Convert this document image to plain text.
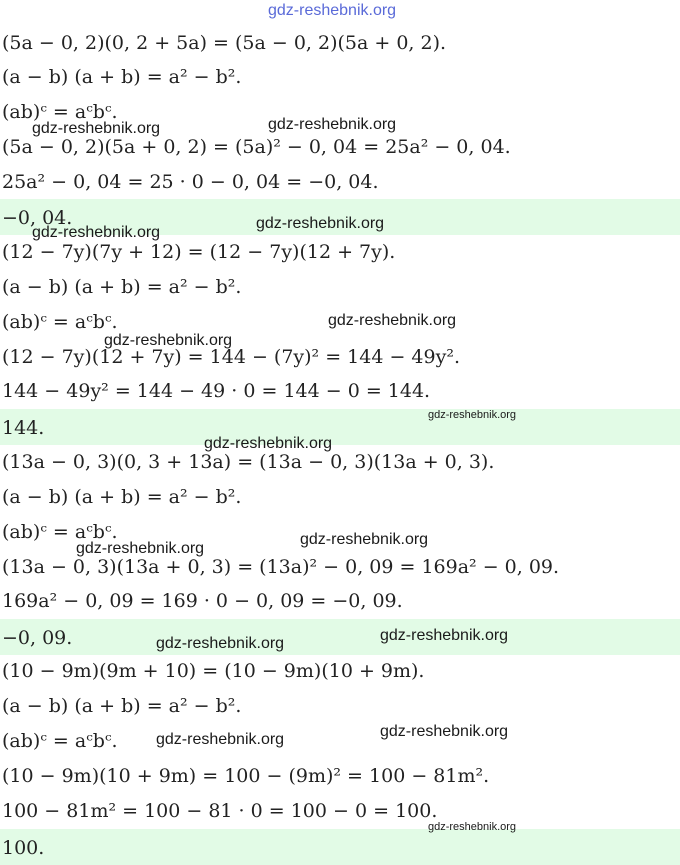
gdz-reshebnik.org
(5a − 0, 2)(0, 2 + 5a) = (5a − 0, 2)(5a + 0, 2).
(a − b) (a + b) = a² − b².
(ab)ᶜ = aᶜbᶜ.
(5a − 0, 2)(5a + 0, 2) = (5a)² − 0, 04 = 25a² − 0, 04.
25a² − 0, 04 = 25 · 0 − 0, 04 = −0, 04.
−0, 04.
(12 − 7y)(7y + 12) = (12 − 7y)(12 + 7y).
(a − b) (a + b) = a² − b².
(ab)ᶜ = aᶜbᶜ.
(12 − 7y)(12 + 7y) = 144 − (7y)² = 144 − 49y².
144 − 49y² = 144 − 49 · 0 = 144 − 0 = 144.
144.
(13a − 0, 3)(0, 3 + 13a) = (13a − 0, 3)(13a + 0, 3).
(a − b) (a + b) = a² − b².
(ab)ᶜ = aᶜbᶜ.
(13a − 0, 3)(13a + 0, 3) = (13a)² − 0, 09 = 169a² − 0, 09.
169a² − 0, 09 = 169 · 0 − 0, 09 = −0, 09.
−0, 09.
(10 − 9m)(9m + 10) = (10 − 9m)(10 + 9m).
(a − b) (a + b) = a² − b².
(ab)ᶜ = aᶜbᶜ.
(10 − 9m)(10 + 9m) = 100 − (9m)² = 100 − 81m².
100 − 81m² = 100 − 81 · 0 = 100 − 0 = 100.
100.
gdz-reshebnik.org	gdz-reshebnik.org
gdz-reshebnik.org
gdz-reshebnik.org
gdz-reshebnik.org
gdz-reshebnik.org
gdz-reshebnik.org
gdz-reshebnik.org
gdz-reshebnik.org
gdz-reshebnik.org
gdz-reshebnik.org
gdz-reshebnik.org
gdz-reshebnik.org
gdz-reshebnik.org
gdz-reshebnik.org
